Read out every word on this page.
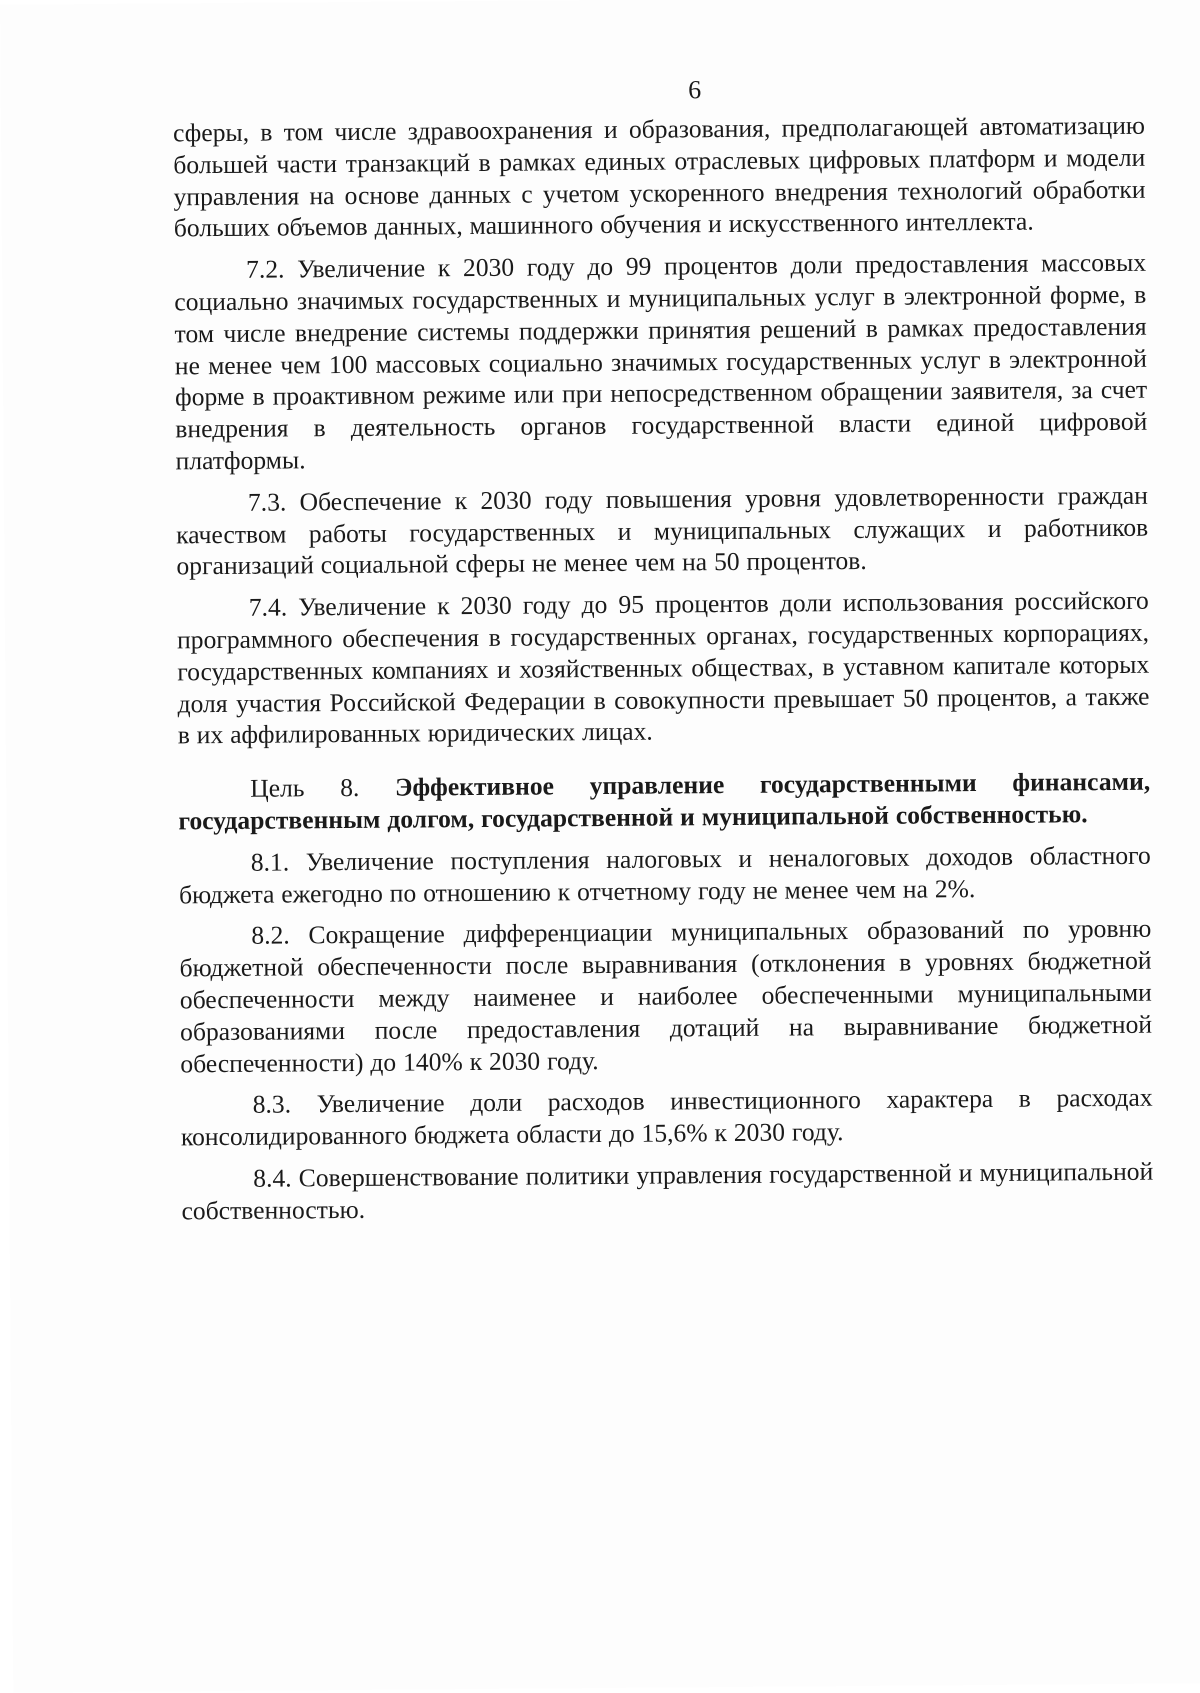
6

сферы, в том числе здравоохранения и образования, предполагающей автоматизацию большей части транзакций в рамках единых отраслевых цифровых платформ и модели управления на основе данных с учетом ускоренного внедрения технологий обработки больших объемов данных, машинного обучения и искусственного интеллекта.

7.2. Увеличение к 2030 году до 99 процентов доли предоставления массовых социально значимых государственных и муниципальных услуг в электронной форме, в том числе внедрение системы поддержки принятия решений в рамках предоставления не менее чем 100 массовых социально значимых государственных услуг в электронной форме в проактивном режиме или при непосредственном обращении заявителя, за счет внедрения в деятельность органов государственной власти единой цифровой платформы.

7.3. Обеспечение к 2030 году повышения уровня удовлетворенности граждан качеством работы государственных и муниципальных служащих и работников организаций социальной сферы не менее чем на 50 процентов.

7.4. Увеличение к 2030 году до 95 процентов доли использования российского программного обеспечения в государственных органах, государственных корпорациях, государственных компаниях и хозяйственных обществах, в уставном капитале которых доля участия Российской Федерации в совокупности превышает 50 процентов, а также в их аффилированных юридических лицах.

Цель 8. Эффективное управление государственными финансами, государственным долгом, государственной и муниципальной собственностью.

8.1. Увеличение поступления налоговых и неналоговых доходов областного бюджета ежегодно по отношению к отчетному году не менее чем на 2%.

8.2. Сокращение дифференциации муниципальных образований по уровню бюджетной обеспеченности после выравнивания (отклонения в уровнях бюджетной обеспеченности между наименее и наиболее обеспеченными муниципальными образованиями после предоставления дотаций на выравнивание бюджетной обеспеченности) до 140% к 2030 году.

8.3. Увеличение доли расходов инвестиционного характера в расходах консолидированного бюджета области до 15,6% к 2030 году.

8.4. Совершенствование политики управления государственной и муниципальной собственностью.
